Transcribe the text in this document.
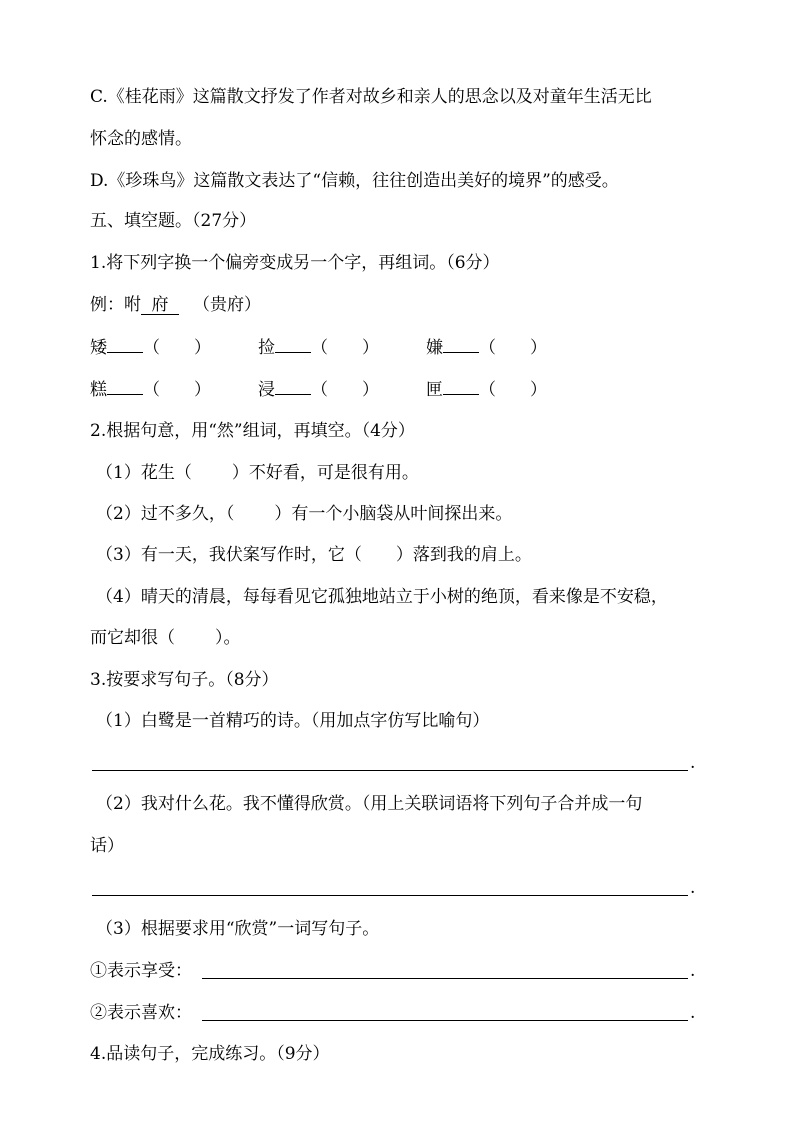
C.《桂花雨》这篇散文抒发了作者对故乡和亲人的思念以及对童年生活无比
怀念的感情。
D.《珍珠鸟》这篇散文表达了“信赖，往往创造出美好的境界”的感受。
五、填空题。（27分）
1.将下列字换一个偏旁变成另一个字，再组词。（6分）
例：咐 府 （贵府）
矮 （　　）	捡 （　　）	嫌 （　　）
糕 （　　）	浸 （　　）	匣 （　　）
2.根据句意，用“然”组词，再填空。（4分）
（1）花生（ ）不好看，可是很有用。
（2）过不多久，（ ）有一个小脑袋从叶间探出来。
（3）有一天，我伏案写作时，它（ ）落到我的肩上。
（4）晴天的清晨，每每看见它孤独地站立于小树的绝顶，看来像是不安稳，
而它却很（ ）。
3.按要求写句子。（8分）
（1）白鹭是一首精巧的诗。（用加点字仿写比喻句）
.
（2）我对什么花。我不懂得欣赏。（用上关联词语将下列句子合并成一句
话）
.
（3）根据要求用“欣赏”一词写句子。
①表示享受：	.
②表示喜欢：	.
4.品读句子，完成练习。（9分）
